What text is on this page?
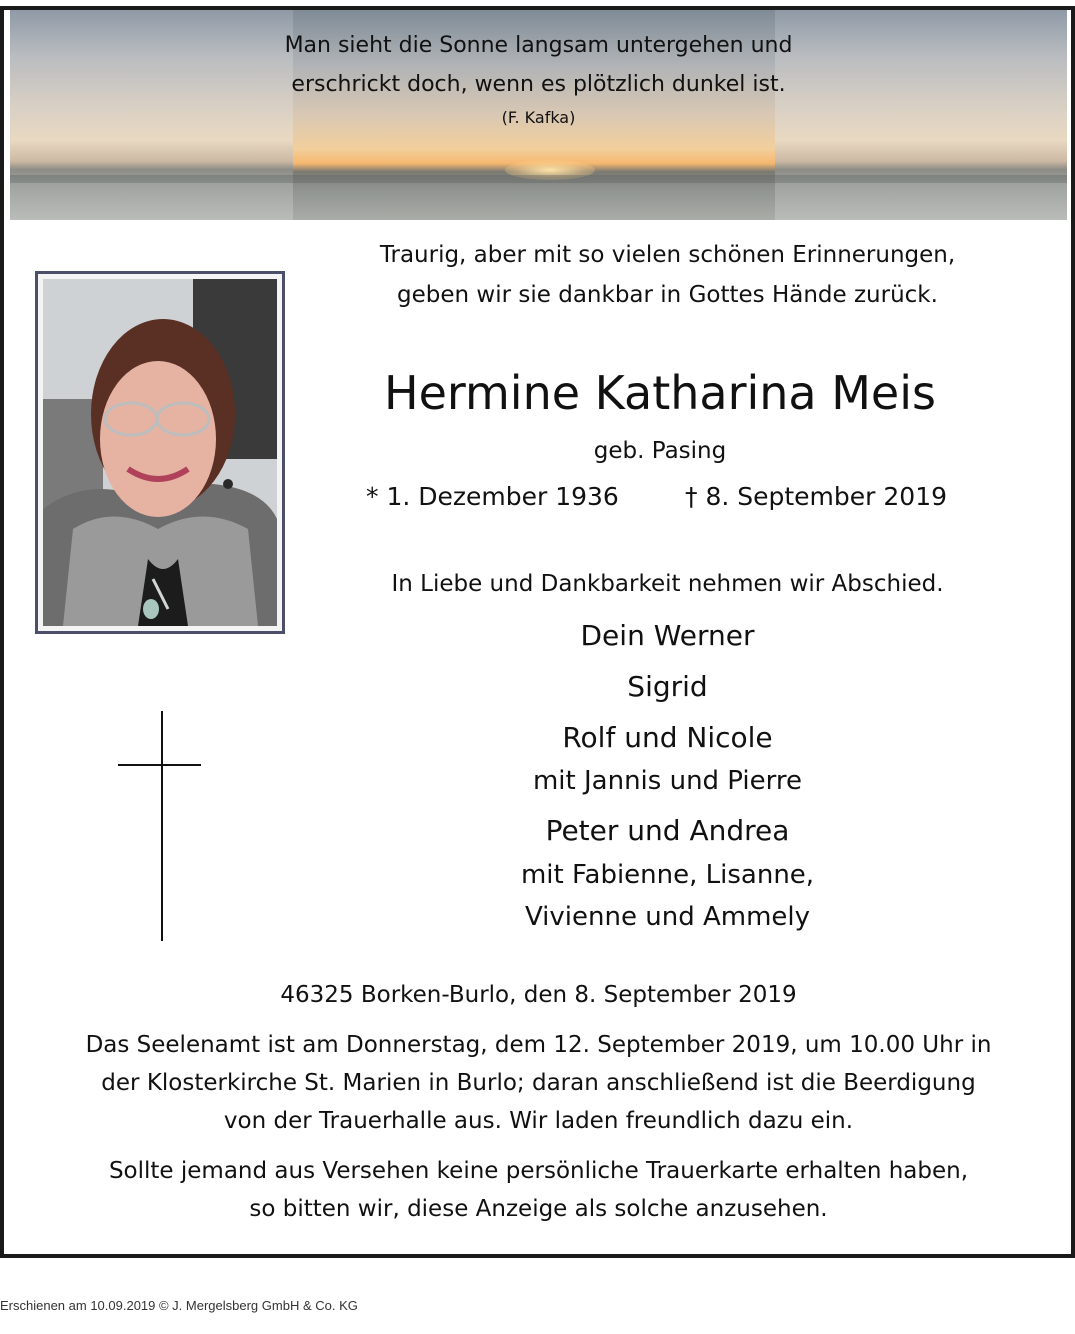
Man sieht die Sonne langsam untergehen und
erschrickt doch, wenn es plötzlich dunkel ist.
(F. Kafka)
Traurig, aber mit so vielen schönen Erinnerungen,
geben wir sie dankbar in Gottes Hände zurück.
Hermine Katharina Meis
geb. Pasing
* 1. Dezember 1936	† 8. September 2019
In Liebe und Dankbarkeit nehmen wir Abschied.
Dein Werner
Sigrid
Rolf und Nicole
mit Jannis und Pierre
Peter und Andrea
mit Fabienne, Lisanne,
Vivienne und Ammely
46325 Borken-Burlo, den 8. September 2019
Das Seelenamt ist am Donnerstag, dem 12. September 2019, um 10.00 Uhr in
der Klosterkirche St. Marien in Burlo; daran anschließend ist die Beerdigung
von der Trauerhalle aus. Wir laden freundlich dazu ein.
Sollte jemand aus Versehen keine persönliche Trauerkarte erhalten haben,
so bitten wir, diese Anzeige als solche anzusehen.
Erschienen am 10.09.2019 © J. Mergelsberg GmbH & Co. KG
